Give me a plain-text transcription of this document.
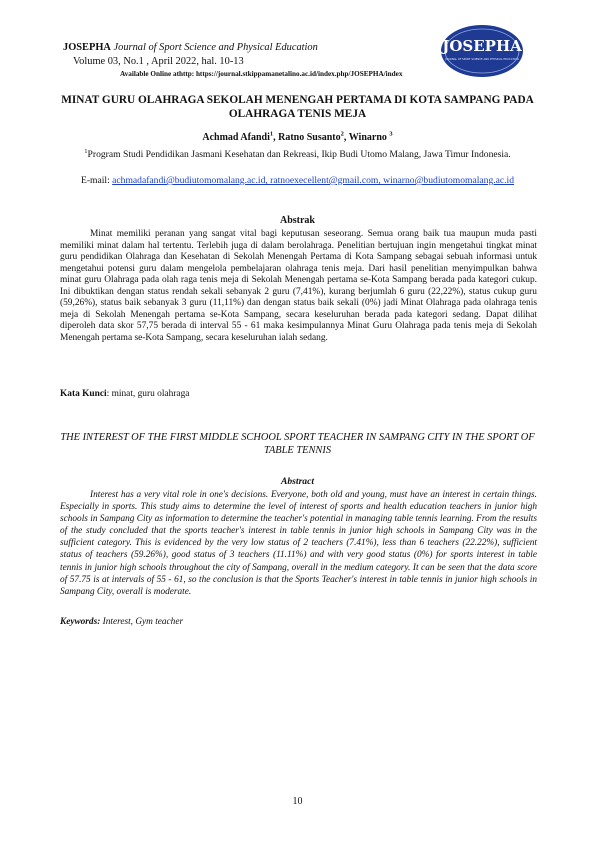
JOSEPHA Journal of Sport Science and Physical Education
Volume 03, No.1 , April 2022, hal. 10-13
Available Online athttp: https://journal.stkippamanetalino.ac.id/index.php/JOSEPHA/index
JOSEPHA
JOURNAL OF SPORT SCIENCE AND PHYSICAL EDUCATION
MINAT GURU OLAHRAGA SEKOLAH MENENGAH PERTAMA DI KOTA SAMPANG PADA OLAHRAGA TENIS MEJA
Achmad Afandi$^1$, Ratno Susanto$^2$, Winarno $^3$
$^1$Program Studi Pendidikan Jasmani Kesehatan dan Rekreasi, Ikip Budi Utomo Malang, Jawa Timur Indonesia.
E-mail: achmadafandi@budiutomomalang.ac.id, ratnoexecellent@gmail.com, winarno@budiutomomalang.ac.id
Abstrak
Minat memiliki peranan yang sangat vital bagi keputusan seseorang. Semua orang baik tua maupun muda pasti memiliki minat dalam hal tertentu. Terlebih juga di dalam berolahraga. Penelitian bertujuan ingin mengetahui tingkat minat guru pendidikan Olahraga dan Kesehatan di Sekolah Menengah Pertama di Kota Sampang sebagai sebuah informasi untuk mengetahui potensi guru dalam mengelola pembelajaran olahraga tenis meja. Dari hasil penelitian menyimpulkan bahwa minat guru Olahraga pada olah raga tenis meja di Sekolah Menengah pertama se-Kota Sampang berada pada kategori cukup. Ini dibuktikan dengan status rendah sekali sebanyak 2 guru (7,41%), kurang berjumlah 6 guru (22,22%), status cukup guru (59,26%), status baik sebanyak 3 guru (11,11%) dan dengan status baik sekali (0%) jadi Minat Olahraga pada olahraga tenis meja di Sekolah Menengah pertama se-Kota Sampang, secara keseluruhan berada pada kategori sedang. Dapat dilihat diperoleh data skor 57,75 berada di interval 55 - 61 maka kesimpulannya Minat Guru Olahraga pada tenis meja di Sekolah Menengah pertama se-Kota Sampang, secara keseluruhan ialah sedang.
Kata Kunci: minat, guru olahraga
THE INTEREST OF THE FIRST MIDDLE SCHOOL SPORT TEACHER IN SAMPANG CITY IN THE SPORT OF TABLE TENNIS
Abstract
Interest has a very vital role in one's decisions. Everyone, both old and young, must have an interest in certain things. Especially in sports. This study aims to determine the level of interest of sports and health education teachers in junior high schools in Sampang City as information to determine the teacher's potential in managing table tennis learning. From the results of the study concluded that the sports teacher's interest in table tennis in junior high schools in Sampang City was in the sufficient category. This is evidenced by the very low status of 2 teachers (7.41%), less than 6 teachers (22.22%), sufficient status of teachers (59.26%), good status of 3 teachers (11.11%) and with very good status (0%) for sports interest in table tennis in junior high schools throughout the city of Sampang, overall in the medium category. It can be seen that the data score of 57.75 is at intervals of 55 - 61, so the conclusion is that the Sports Teacher's interest in table tennis in junior high schools in Sampang City, overall is moderate.
Keywords: Interest, Gym teacher
10
